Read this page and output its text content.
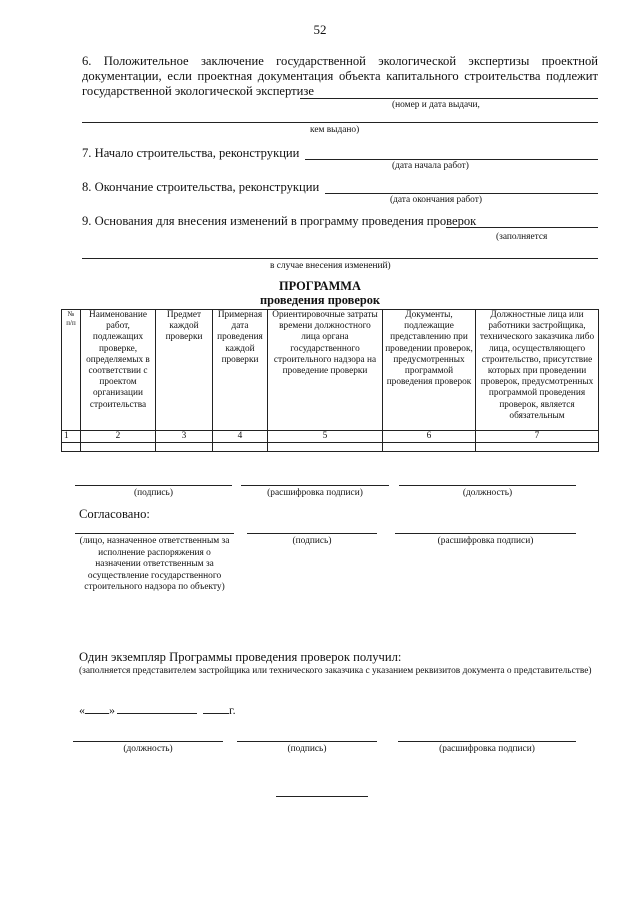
52
6. Положительное заключение государственной экологической экспертизы проектной документации, если проектная документация объекта капитального строительства подлежит государственной экологической экспертизе
(номер и дата выдачи,
кем выдано)
7. Начало строительства, реконструкции
(дата начала работ)
8. Окончание строительства, реконструкции
(дата окончания работ)
9. Основания для внесения изменений в программу проведения проверок
(заполняется
в случае внесения изменений)
ПРОГРАММА
проведения проверок
№ п/п	Наименование работ, подлежащих проверке, определяемых в соответствии с проектом организации строительства	Предмет каждой проверки	Примерная дата проведения каждой проверки	Ориентировочные затраты времени должностного лица органа государственного строительного надзора на проведение проверки	Документы, подлежащие представлению при проведении проверок, предусмотренных программой проведения проверок	Должностные лица или работники застройщика, технического заказчика либо лица, осуществляющего строительство, присутствие которых при проведении проверок, предусмотренных программой проведения проверок, является обязательным
1	2	3	4	5	6	7

(подпись)	(расшифровка подписи)	(должность)
Согласовано:
(лицо, назначенное ответственным за исполнение распоряжения о назначении ответственным за осуществление государственного строительного надзора по объекту)
(подпись)	(расшифровка подписи)
Один экземпляр Программы проведения проверок получил:
(заполняется представителем застройщика или технического заказчика с указанием реквизитов документа о представительстве)
« »	г.
(должность)	(подпись)	(расшифровка подписи)
